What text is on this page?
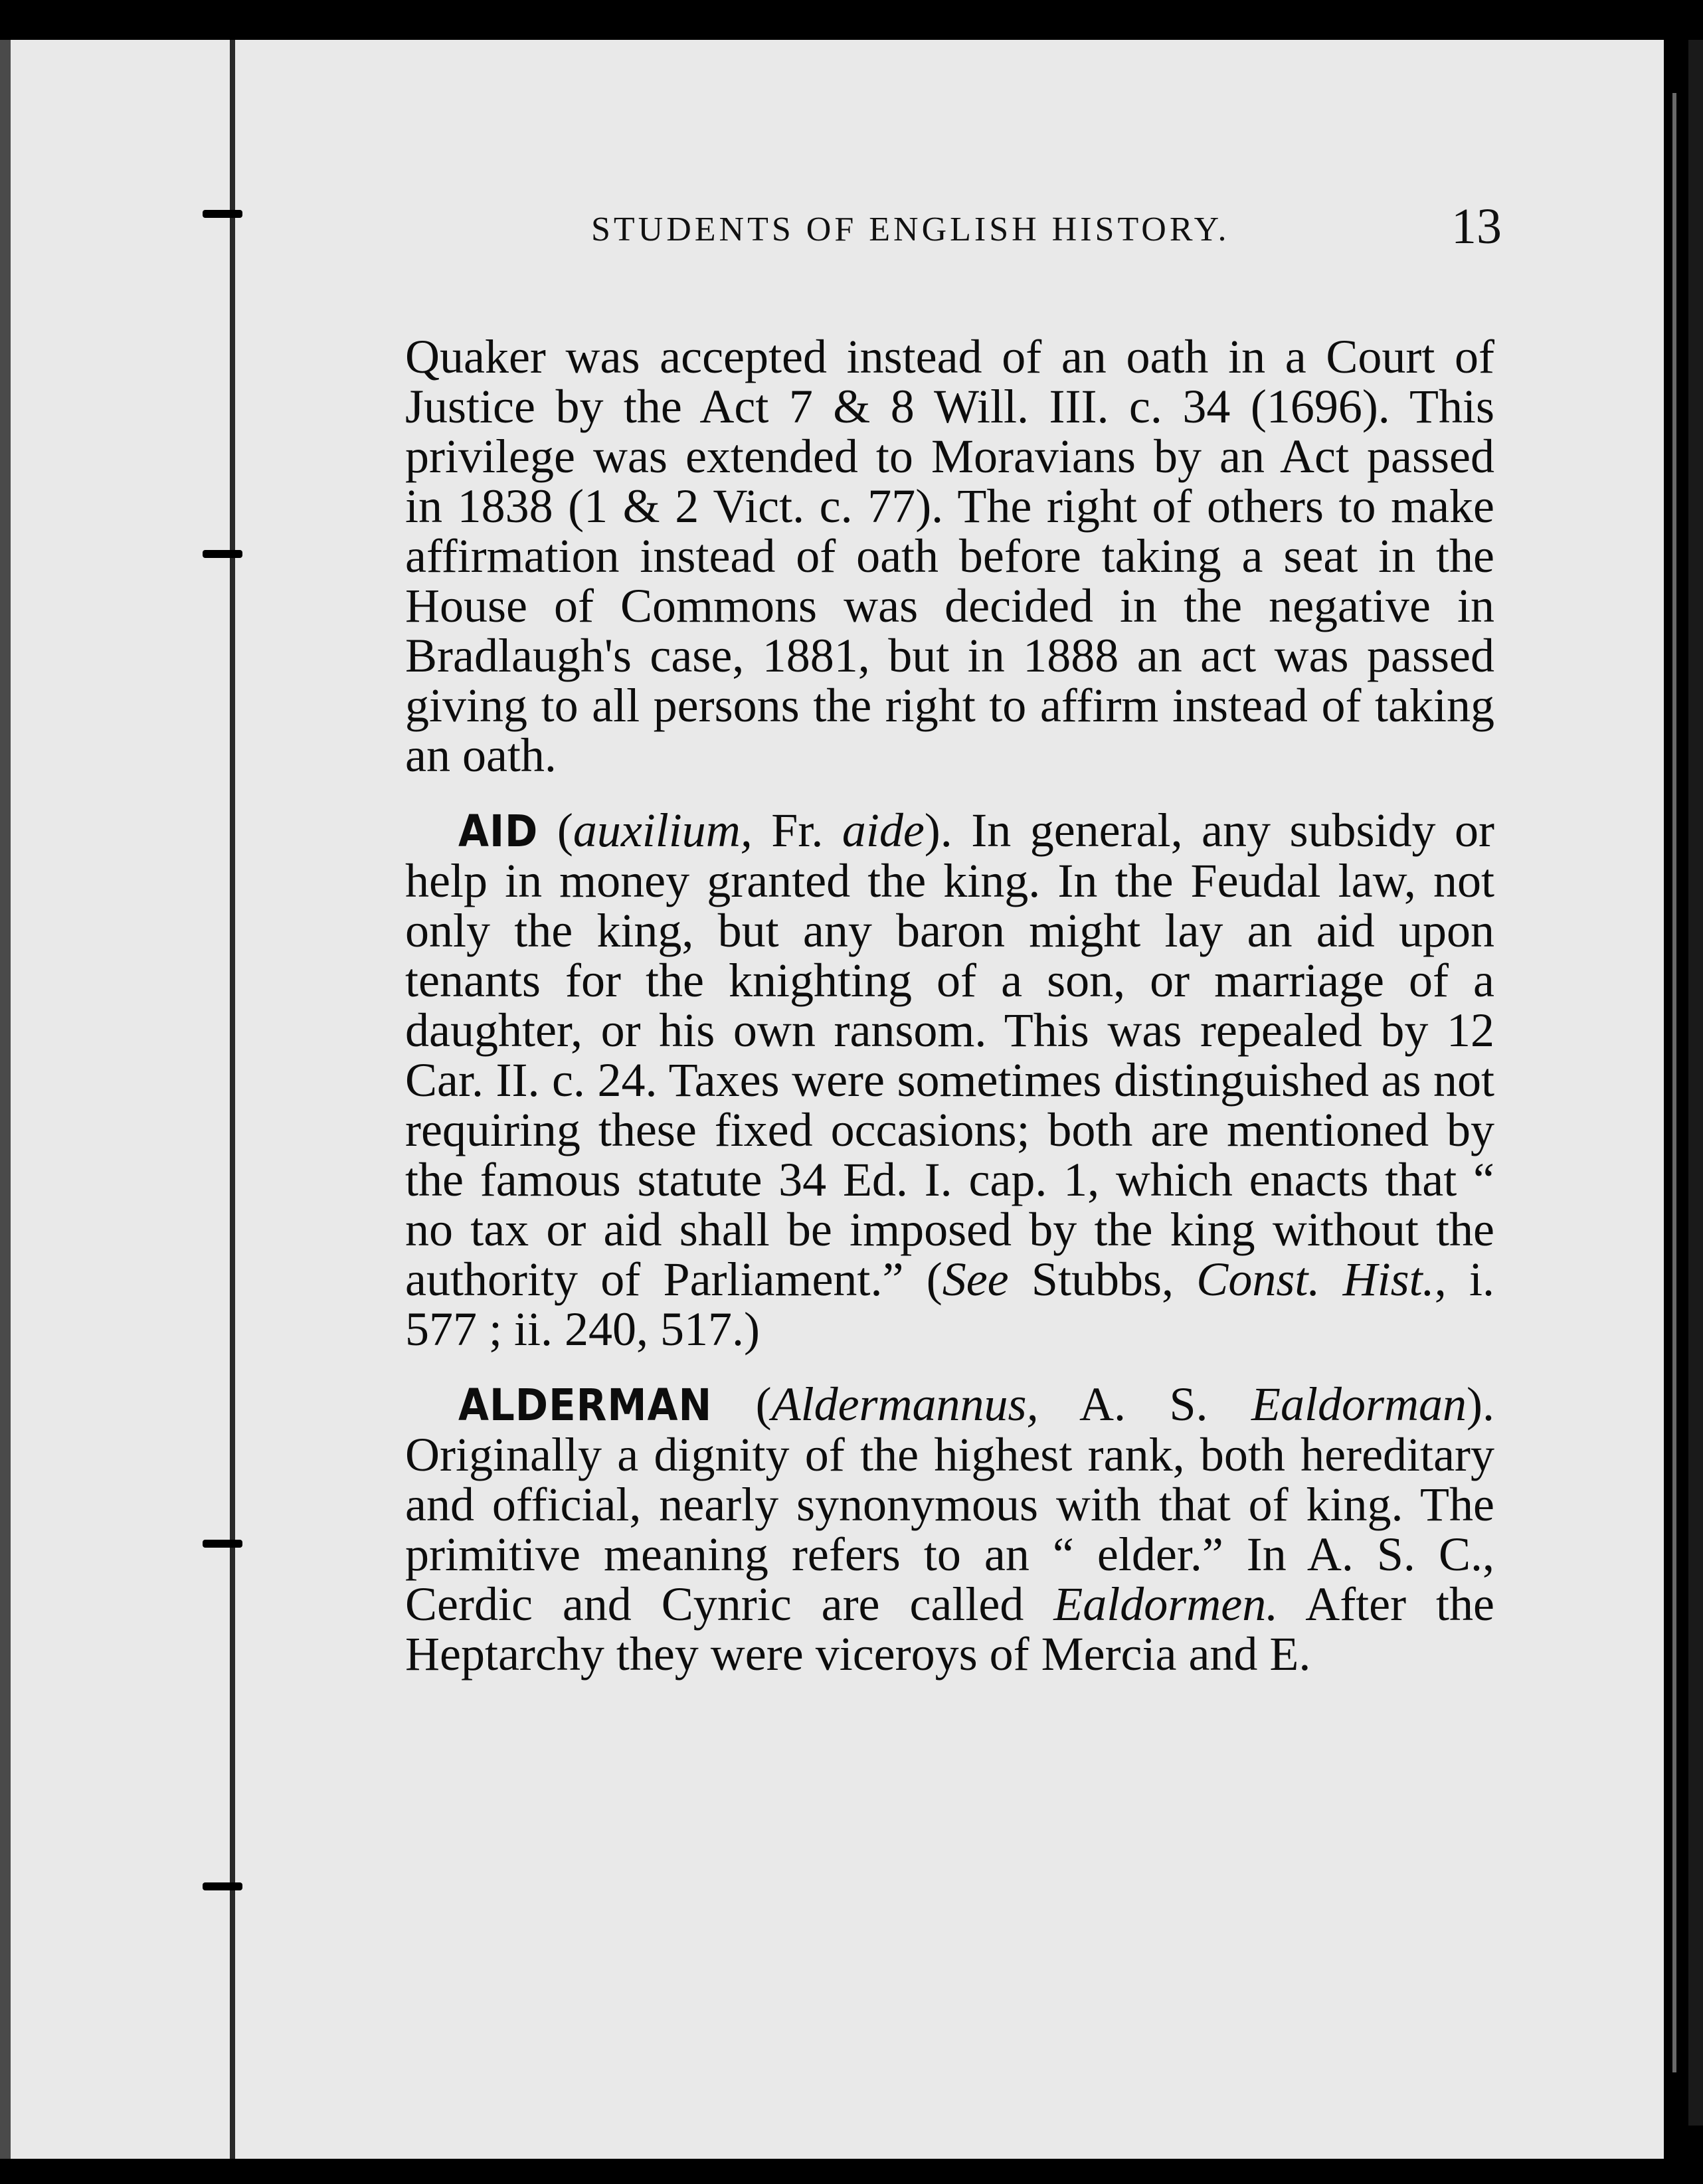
STUDENTS OF ENGLISH HISTORY.	13

Quaker was accepted instead of an oath in a Court of Justice by the Act 7 & 8 Will. III. c. 34 (1696). This privilege was extended to Moravians by an Act passed in 1838 (1 & 2 Vict. c. 77). The right of others to make affirmation instead of oath before taking a seat in the House of Commons was decided in the negative in Bradlaugh's case, 1881, but in 1888 an act was passed giving to all persons the right to affirm instead of taking an oath.

AID (auxilium, Fr. aide). In general, any subsidy or help in money granted the king. In the Feudal law, not only the king, but any baron might lay an aid upon tenants for the knighting of a son, or marriage of a daughter, or his own ransom. This was repealed by 12 Car. II. c. 24. Taxes were sometimes distinguished as not requiring these fixed occasions; both are mentioned by the famous statute 34 Ed. I. cap. 1, which enacts that “ no tax or aid shall be imposed by the king without the authority of Parliament.” (See Stubbs, Const. Hist., i. 577 ; ii. 240, 517.)

ALDERMAN (Aldermannus, A. S. Ealdorman). Originally a dignity of the highest rank, both hereditary and official, nearly synonymous with that of king. The primitive meaning refers to an “ elder.” In A. S. C., Cerdic and Cynric are called Ealdormen. After the Heptarchy they were viceroys of Mercia and E.
